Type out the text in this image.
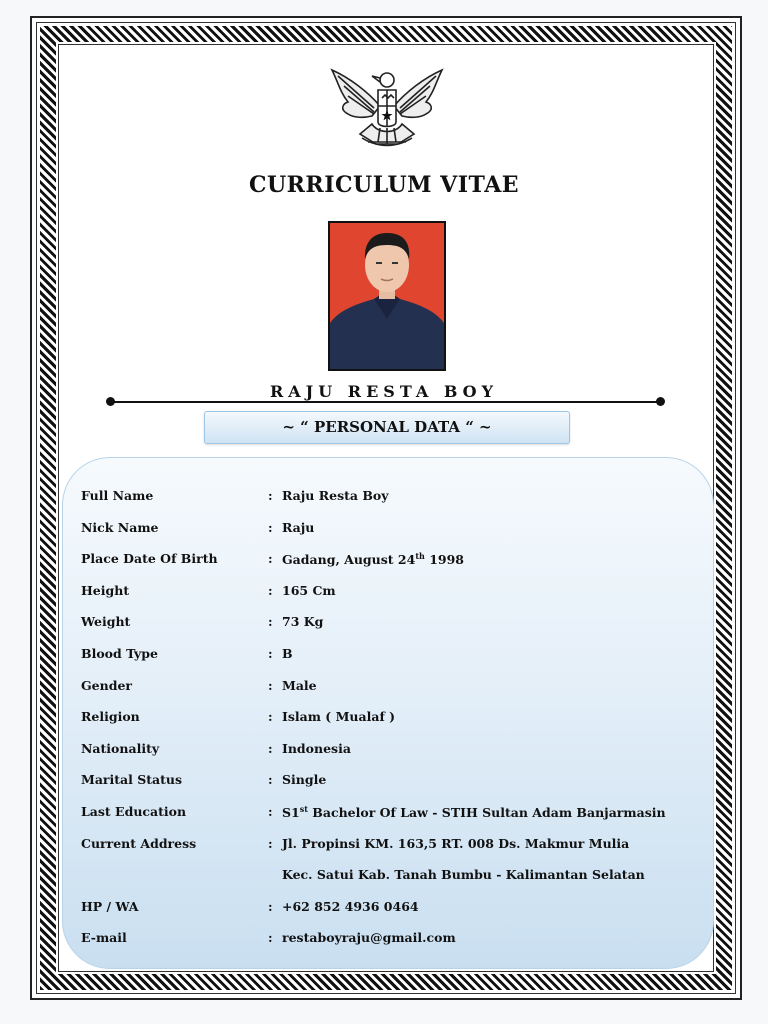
CURRICULUM VITAE
RAJU RESTA BOY
~ “ PERSONAL DATA “ ~
Full Name	: Raju Resta Boy
Nick Name	: Raju
Place Date Of Birth	: Gadang, August 24th 1998
Height	: 165 Cm
Weight	: 73 Kg
Blood Type	: B
Gender	: Male
Religion	: Islam ( Mualaf )
Nationality	: Indonesia
Marital Status	: Single
Last Education	: S1st Bachelor Of Law - STIH Sultan Adam Banjarmasin
Current Address	: Jl. Propinsi KM. 163,5 RT. 008 Ds. Makmur Mulia
Kec. Satui Kab. Tanah Bumbu - Kalimantan Selatan
HP / WA	: +62 852 4936 0464
E-mail	: restaboyraju@gmail.com
